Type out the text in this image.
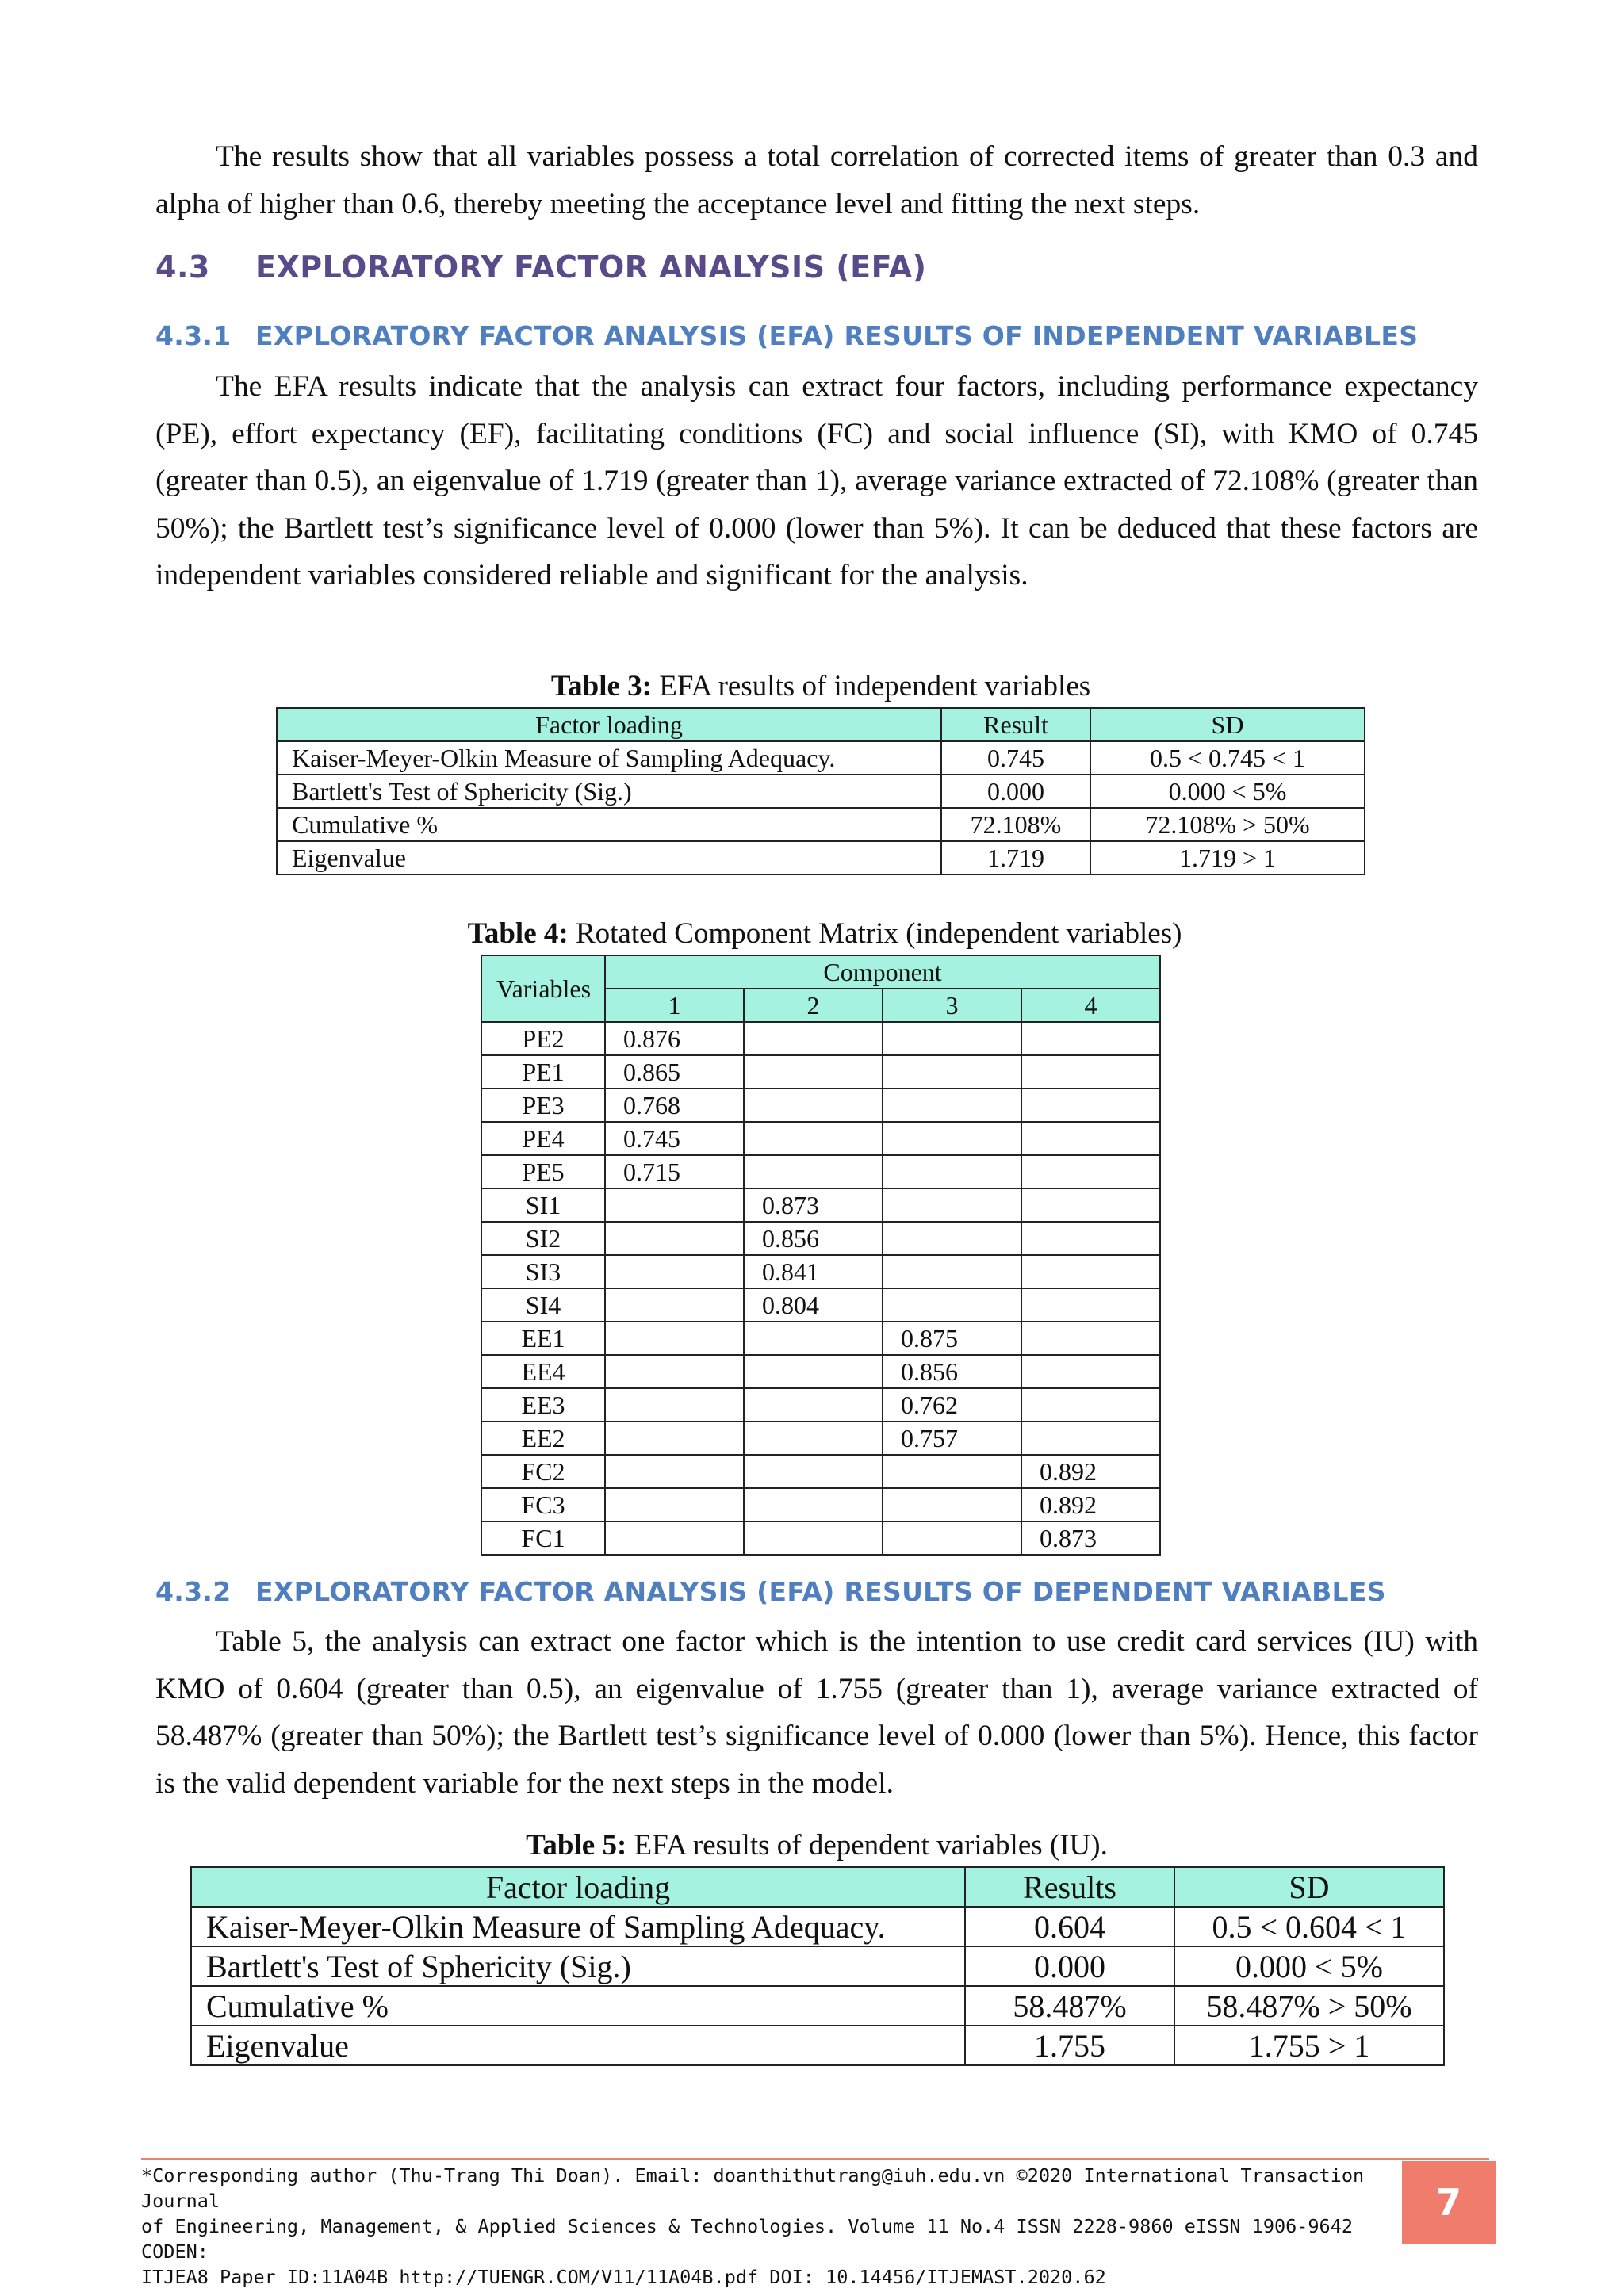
The results show that all variables possess a total correlation of corrected items of greater than 0.3 and alpha of higher than 0.6, thereby meeting the acceptance level and fitting the next steps.

4.3 EXPLORATORY FACTOR ANALYSIS (EFA)
4.3.1 EXPLORATORY FACTOR ANALYSIS (EFA) RESULTS OF INDEPENDENT VARIABLES

The EFA results indicate that the analysis can extract four factors, including performance expectancy (PE), effort expectancy (EF), facilitating conditions (FC) and social influence (SI), with KMO of 0.745 (greater than 0.5), an eigenvalue of 1.719 (greater than 1), average variance extracted of 72.108% (greater than 50%); the Bartlett test’s significance level of 0.000 (lower than 5%). It can be deduced that these factors are independent variables considered reliable and significant for the analysis.

Table 3: EFA results of independent variables

Factor loading	Result	SD
Kaiser-Meyer-Olkin Measure of Sampling Adequacy.	0.745	0.5 < 0.745 < 1
Bartlett's Test of Sphericity (Sig.)	0.000	0.000 < 5%
Cumulative %	72.108%	72.108% > 50%
Eigenvalue	1.719	1.719 > 1

Table 4: Rotated Component Matrix (independent variables)

Variables	Component			
	1	2	3	4
PE2	0.876			
PE1	0.865			
PE3	0.768			
PE4	0.745			
PE5	0.715			
SI1		0.873		
SI2		0.856		
SI3		0.841		
SI4		0.804		
EE1			0.875	
EE4			0.856	
EE3			0.762	
EE2			0.757	
FC2				0.892
FC3				0.892
FC1				0.873
4.3.2 EXPLORATORY FACTOR ANALYSIS (EFA) RESULTS OF DEPENDENT VARIABLES

Table 5, the analysis can extract one factor which is the intention to use credit card services (IU) with KMO of 0.604 (greater than 0.5), an eigenvalue of 1.755 (greater than 1), average variance extracted of 58.487% (greater than 50%); the Bartlett test’s significance level of 0.000 (lower than 5%). Hence, this factor is the valid dependent variable for the next steps in the model.

Table 5: EFA results of dependent variables (IU).

Factor loading	Results	SD
Kaiser-Meyer-Olkin Measure of Sampling Adequacy.	0.604	0.5 < 0.604 < 1
Bartlett's Test of Sphericity (Sig.)	0.000	0.000 < 5%
Cumulative %	58.487%	58.487% > 50%
Eigenvalue	1.755	1.755 > 1
*Corresponding author (Thu-Trang Thi Doan). Email: doanthithutrang@iuh.edu.vn ©2020 International Transaction Journal
of Engineering, Management, & Applied Sciences & Technologies. Volume 11 No.4 ISSN 2228-9860 eISSN 1906-9642 CODEN:
ITJEA8 Paper ID:11A04B http://TUENGR.COM/V11/11A04B.pdf DOI: 10.14456/ITJEMAST.2020.62
7
